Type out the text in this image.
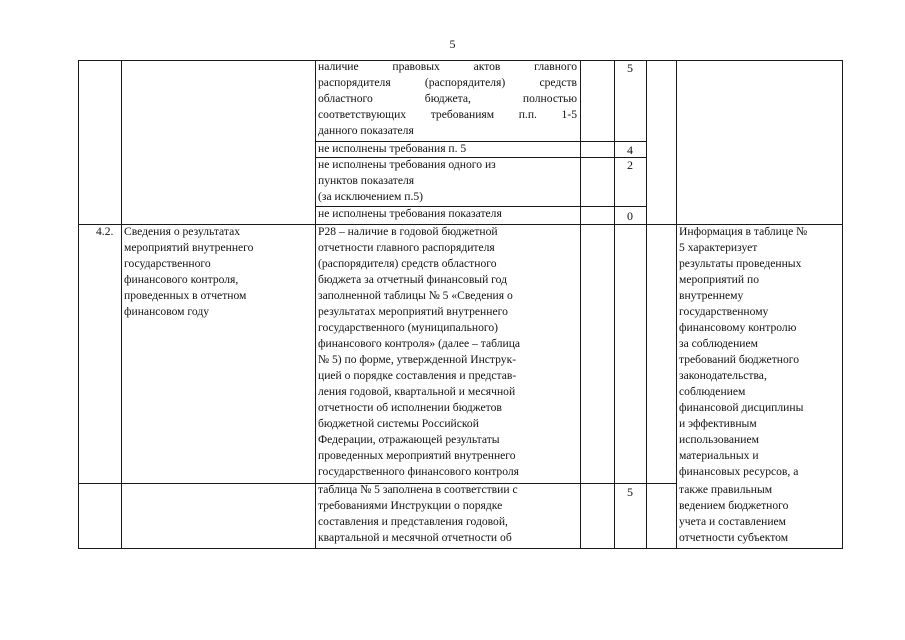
5
наличие правовых актов главного
распорядителя (распорядителя) средств
областного бюджета, полностью
соответствующих требованиям п.п. 1-5
данного показателя
5
не исполнены требования п. 5	4
не исполнены требования одного из
пунктов показателя
(за исключением п.5)
2
не исполнены требования показателя	0
4.2. Сведения о результатах
мероприятий внутреннего
государственного
финансового контроля,
проведенных в отчетном
финансовом году
P28 – наличие в годовой бюджетной
отчетности главного распорядителя
(распорядителя) средств областного
бюджета за отчетный финансовый год
заполненной таблицы № 5 «Сведения о
результатах мероприятий внутреннего
государственного (муниципального)
финансового контроля» (далее – таблица
№ 5) по форме, утвержденной Инструк-
цией о порядке составления и представ-
ления годовой, квартальной и месячной
отчетности об исполнении бюджетов
бюджетной системы Российской
Федерации, отражающей результаты
проведенных мероприятий внутреннего
государственного финансового контроля
Информация в таблице №
5 характеризует
результаты проведенных
мероприятий по
внутреннему
государственному
финансовому контролю
за соблюдением
требований бюджетного
законодательства,
соблюдением
финансовой дисциплины
и эффективным
использованием
материальных и
финансовых ресурсов, а
также правильным
ведением бюджетного
учета и составлением
отчетности субъектом
таблица № 5 заполнена в соответствии с
требованиями Инструкции о порядке
составления и представления годовой,
квартальной и месячной отчетности об
5
